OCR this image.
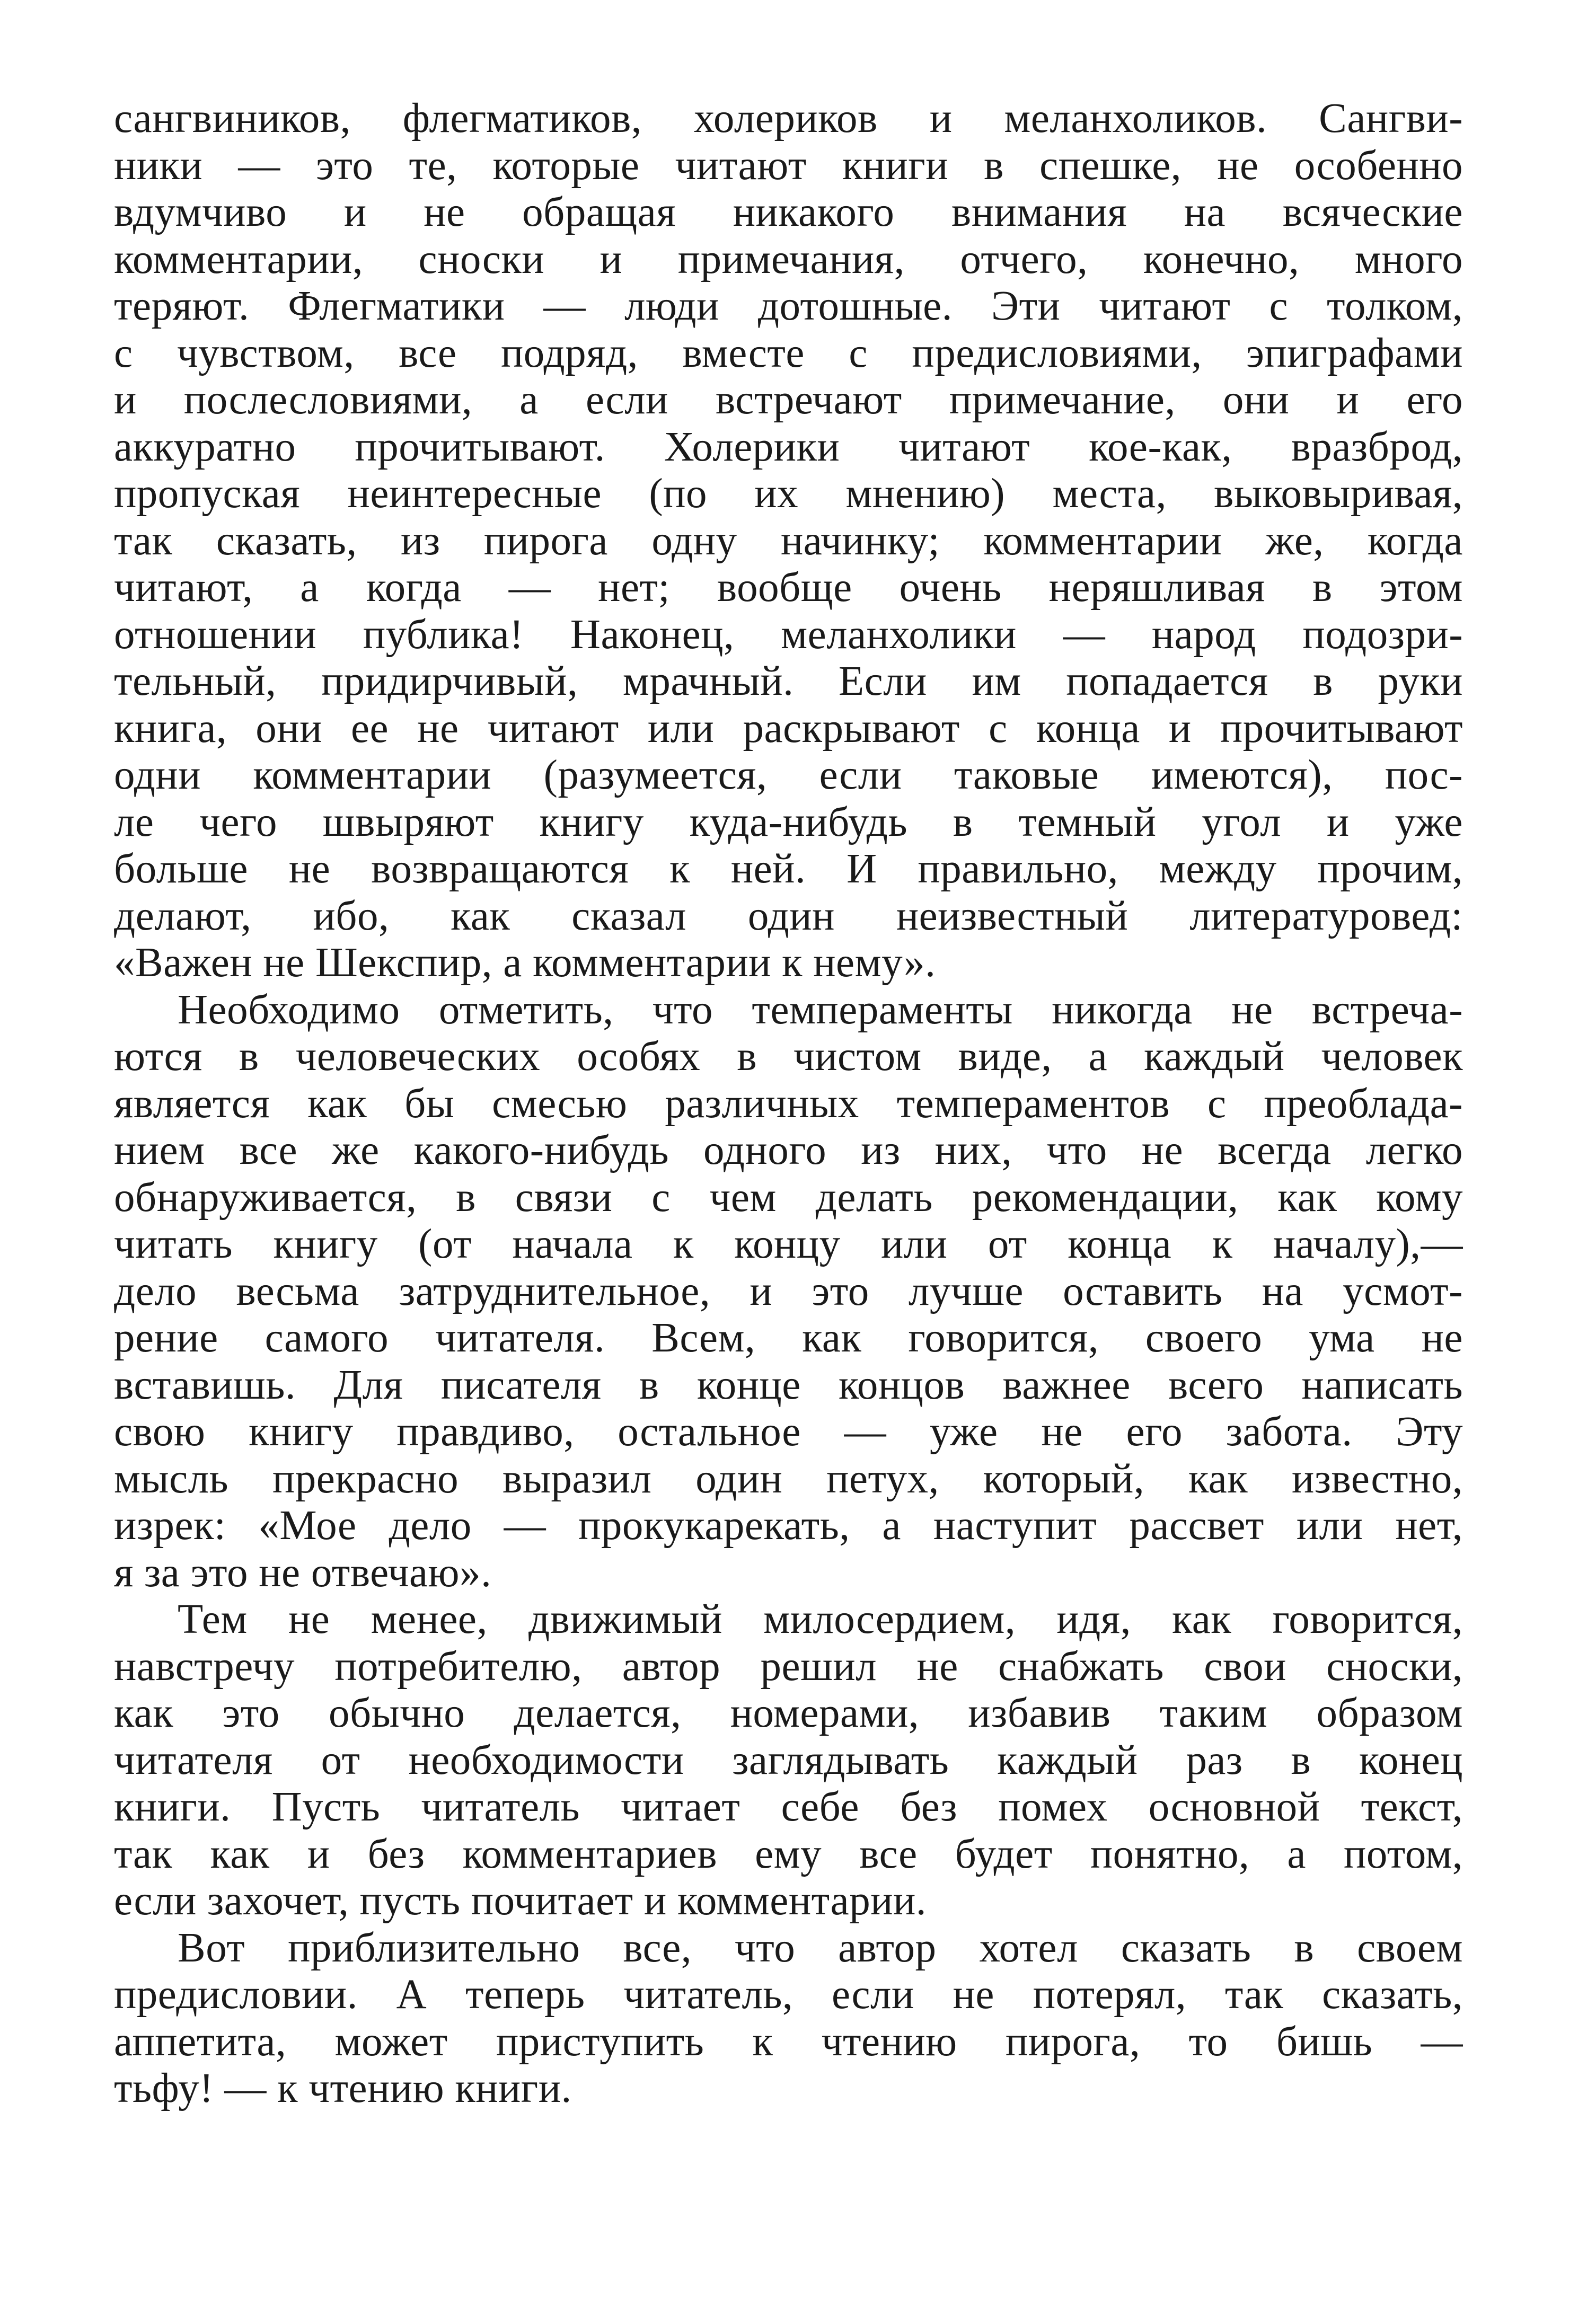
сангвиников, флегматиков, холериков и меланхоликов. Сангви-
ники — это те, которые читают книги в спешке, не особенно
вдумчиво и не обращая никакого внимания на всяческие
комментарии, сноски и примечания, отчего, конечно, много
теряют. Флегматики — люди дотошные. Эти читают с толком,
с чувством, все подряд, вместе с предисловиями, эпиграфами
и послесловиями, а если встречают примечание, они и его
аккуратно прочитывают. Холерики читают кое-как, вразброд,
пропуская неинтересные (по их мнению) места, выковыривая,
так сказать, из пирога одну начинку; комментарии же, когда
читают, а когда — нет; вообще очень неряшливая в этом
отношении публика! Наконец, меланхолики — народ подозри-
тельный, придирчивый, мрачный. Если им попадается в руки
книга, они ее не читают или раскрывают с конца и прочитывают
одни комментарии (разумеется, если таковые имеются), пос-
ле чего швыряют книгу куда-нибудь в темный угол и уже
больше не возвращаются к ней. И правильно, между прочим,
делают, ибо, как сказал один неизвестный литературовед:
«Важен не Шекспир, а комментарии к нему».
Необходимо отметить, что темпераменты никогда не встреча-
ются в человеческих особях в чистом виде, а каждый человек
является как бы смесью различных темпераментов с преоблада-
нием все же какого-нибудь одного из них, что не всегда легко
обнаруживается, в связи с чем делать рекомендации, как кому
читать книгу (от начала к концу или от конца к началу),—
дело весьма затруднительное, и это лучше оставить на усмот-
рение самого читателя. Всем, как говорится, своего ума не
вставишь. Для писателя в конце концов важнее всего написать
свою книгу правдиво, остальное — уже не его забота. Эту
мысль прекрасно выразил один петух, который, как известно,
изрек: «Мое дело — прокукарекать, а наступит рассвет или нет,
я за это не отвечаю».
Тем не менее, движимый милосердием, идя, как говорится,
навстречу потребителю, автор решил не снабжать свои сноски,
как это обычно делается, номерами, избавив таким образом
читателя от необходимости заглядывать каждый раз в конец
книги. Пусть читатель читает себе без помех основной текст,
так как и без комментариев ему все будет понятно, а потом,
если захочет, пусть почитает и комментарии.
Вот приблизительно все, что автор хотел сказать в своем
предисловии. А теперь читатель, если не потерял, так сказать,
аппетита, может приступить к чтению пирога, то бишь —
тьфу! — к чтению книги.
